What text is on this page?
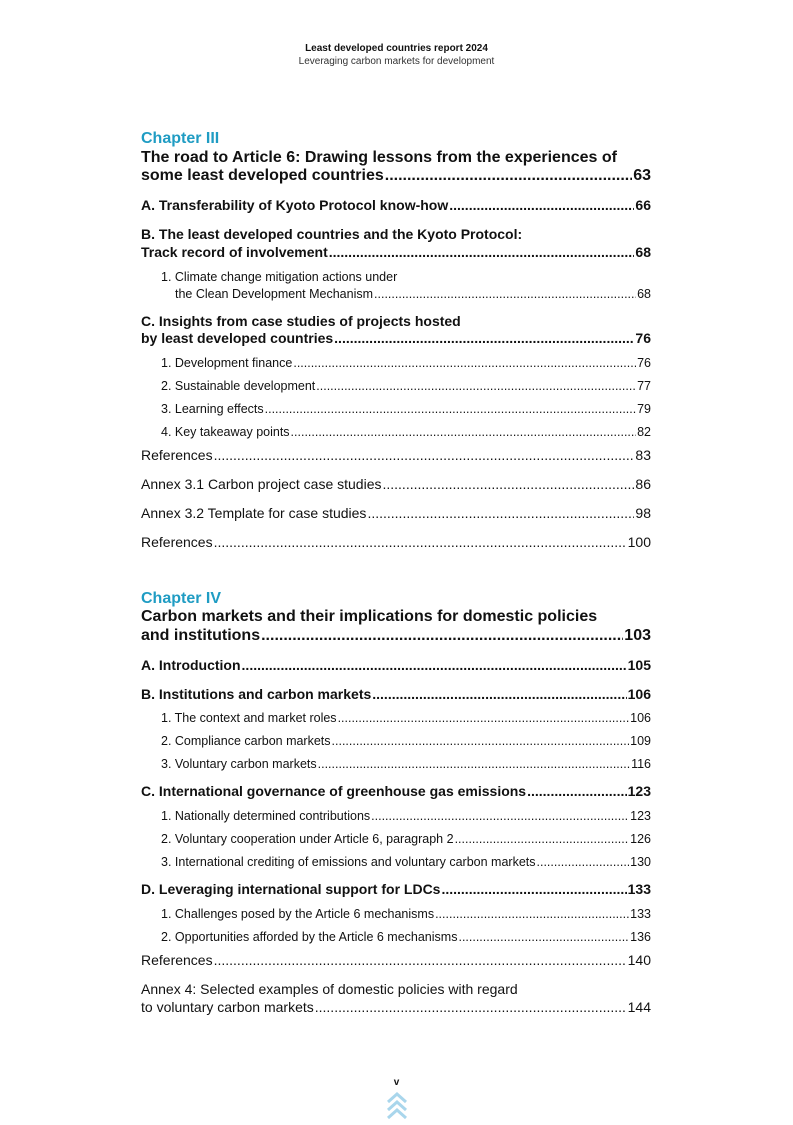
Least developed countries report 2024
Leveraging carbon markets for development
Chapter III
The road to Article 6: Drawing lessons from the experiences of
some least developed countries .....	63
A. Transferability of Kyoto Protocol know-how .....	66
B. The least developed countries and the Kyoto Protocol:
Track record of involvement .....	68
1. Climate change mitigation actions under
the Clean Development Mechanism .....	68
C. Insights from case studies of projects hosted
by least developed countries .....	76
1. Development finance .....	76
2. Sustainable development .....	77
3. Learning effects .....	79
4. Key takeaway points .....	82
References .....	83
Annex 3.1 Carbon project case studies .....	86
Annex 3.2 Template for case studies .....	98
References .....	100
Chapter IV
Carbon markets and their implications for domestic policies
and institutions .....	103
A. Introduction .....	105
B. Institutions and carbon markets .....	106
1. The context and market roles .....	106
2. Compliance carbon markets .....	109
3. Voluntary carbon markets .....	116
C. International governance of greenhouse gas emissions .....	123
1. Nationally determined contributions .....	123
2. Voluntary cooperation under Article 6, paragraph 2 .....	126
3. International crediting of emissions and voluntary carbon markets .....	130
D. Leveraging international support for LDCs .....	133
1. Challenges posed by the Article 6 mechanisms .....	133
2. Opportunities afforded by the Article 6 mechanisms .....	136
References .....	140
Annex 4: Selected examples of domestic policies with regard
to voluntary carbon markets .....	144
v
